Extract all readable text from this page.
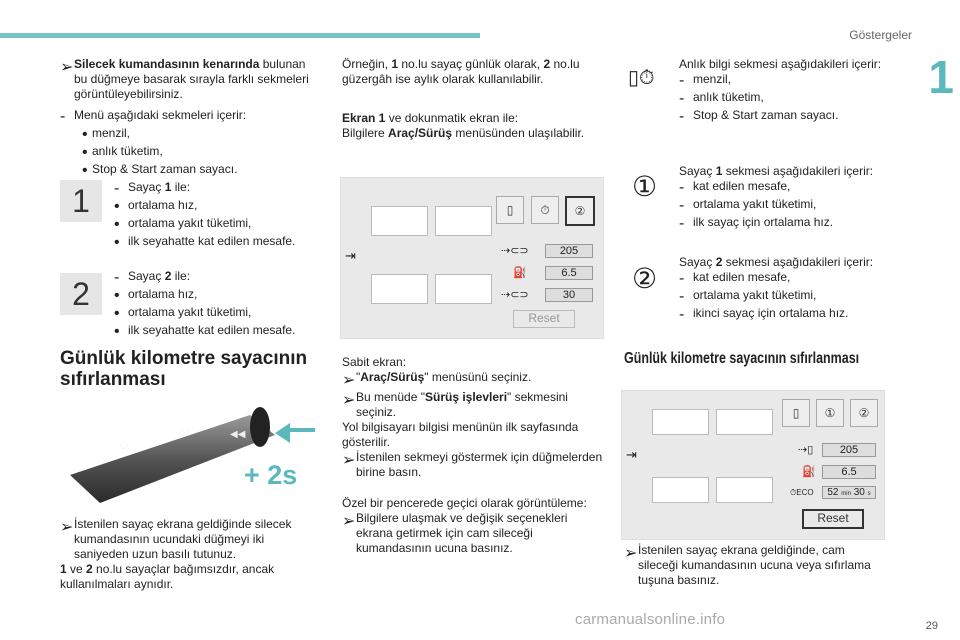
Göstergeler
1
➢ Silecek kumandasının kenarında bulunan bu düğmeye basarak sırayla farklı sekmeleri görüntüleyebilirsiniz.

- Menü aşağıdaki sekmeleri içerir:

• menzil,

• anlık tüketim,

• Stop & Start zaman sayacı.

1	- Sayaç 1 ile:

• ortalama hız,

• ortalama yakıt tüketimi,

• ilk seyahatte kat edilen mesafe.

2	- Sayaç 2 ile:

• ortalama hız,

• ortalama yakıt tüketimi,

• ilk seyahatte kat edilen mesafe.

Günlük kilometre sayacının sıfırlanması
◯
◁◁	◀◀
+ 2s
➢ İstenilen sayaç ekrana geldiğinde silecek kumandasının ucundaki düğmeyi iki saniyeden uzun basılı tutunuz.

1 ve 2 no.lu sayaçlar bağımsızdır, ancak kullanılmaları aynıdır.

Örneğin, 1 no.lu sayaç günlük olarak, 2 no.lu güzergâh ise aylık olarak kullanılabilir.

Ekran 1 ve dokunmatik ekran ile:

Bilgilere Araç/Sürüş menüsünden ulaşılabilir.

▯	⏱	②
⇥	⇢⊂⊃	205
⛽	6.5
⇢⊂⊃	30
Reset

Sabit ekran:

➢ "Araç/Sürüş" menüsünü seçiniz.

➢ Bu menüde "Sürüş işlevleri" sekmesini seçiniz.

Yol bilgisayarı bilgisi menünün ilk sayfasında gösterilir.

➢ İstenilen sekmeyi göstermek için düğmelerden birine basın.

Özel bir pencerede geçici olarak görüntüleme:

➢ Bilgilere ulaşmak ve değişik seçenekleri ekrana getirmek için cam sileceği kumandasının ucuna basınız.

▯⏱

Anlık bilgi sekmesi aşağıdakileri içerir:

- menzil,

- anlık tüketim,

- Stop & Start zaman sayacı.

① Sayaç 1 sekmesi aşağıdakileri içerir:

- kat edilen mesafe,

- ortalama yakıt tüketimi,

- ilk sayaç için ortalama hız.

②

Sayaç 2 sekmesi aşağıdakileri içerir:

- kat edilen mesafe,

- ortalama yakıt tüketimi,

- ikinci sayaç için ortalama hız.

Günlük kilometre sayacının sıfırlanması
▯	①	②
⇥	⇢▯	205
⛽	6.5
⏱ECO	52 min 30 s
Reset
➢ İstenilen sayaç ekrana geldiğinde, cam sileceği kumandasının ucuna veya sıfırlama tuşuna basınız.

carmanualsonline.info	29
